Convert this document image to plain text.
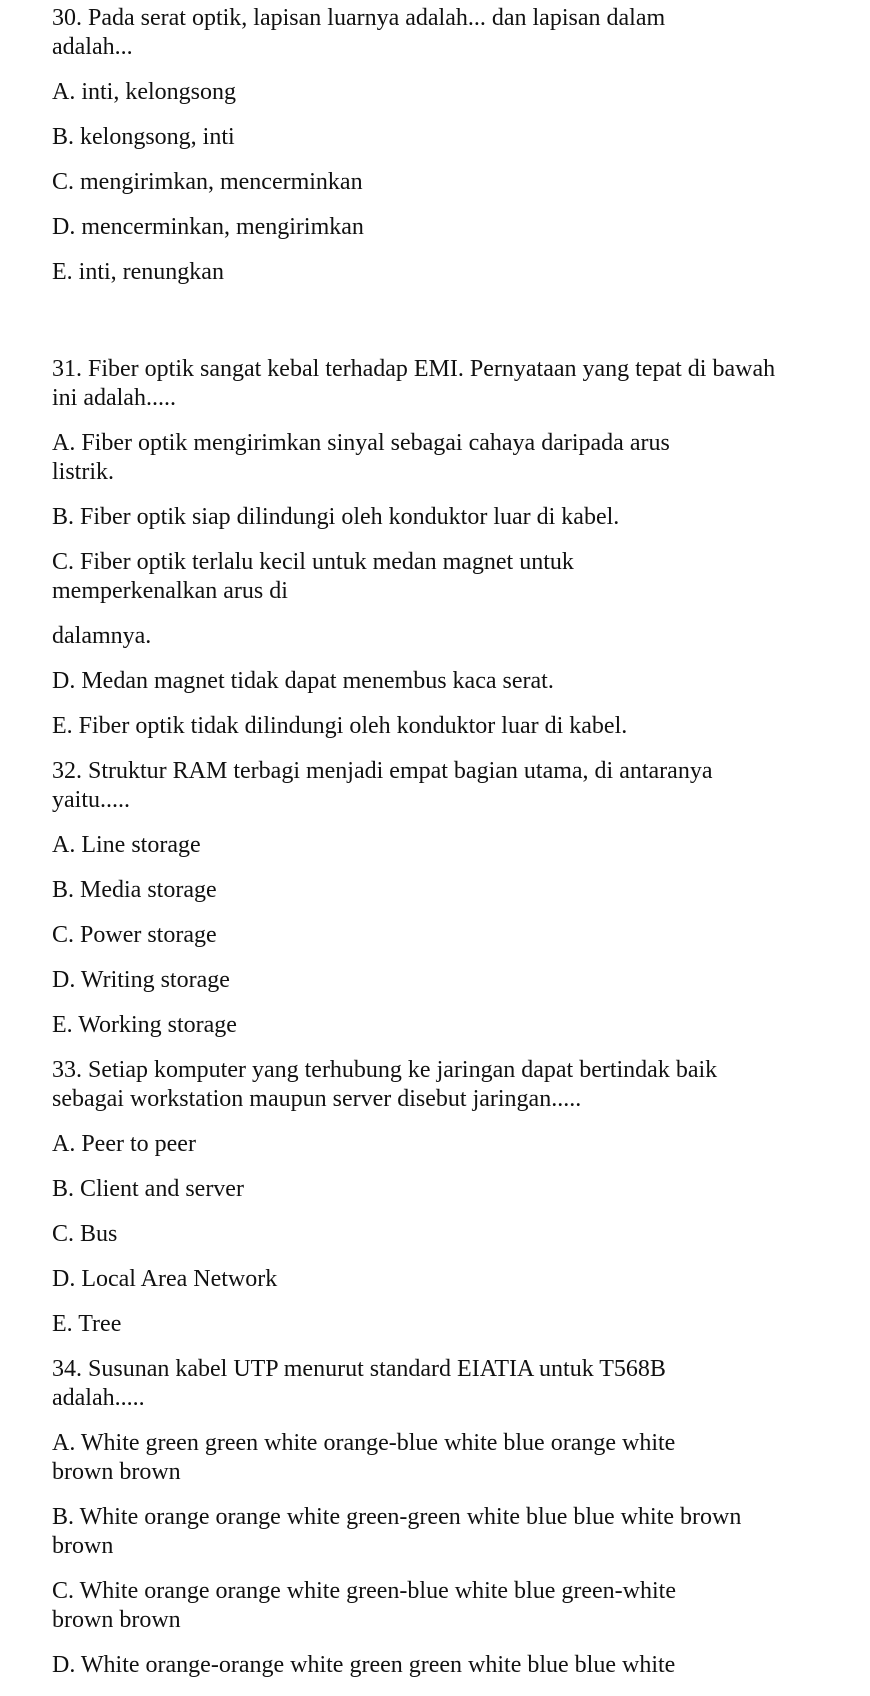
30. Pada serat optik, lapisan luarnya adalah... dan lapisan dalam adalah...

A. inti, kelongsong

B. kelongsong, inti

C. mengirimkan, mencerminkan

D. mencerminkan, mengirimkan

E. inti, renungkan

31. Fiber optik sangat kebal terhadap EMI. Pernyataan yang tepat di bawah ini adalah.....

A. Fiber optik mengirimkan sinyal sebagai cahaya daripada arus listrik.

B. Fiber optik siap dilindungi oleh konduktor luar di kabel.

C. Fiber optik terlalu kecil untuk medan magnet untuk memperkenalkan arus di

dalamnya.

D. Medan magnet tidak dapat menembus kaca serat.

E. Fiber optik tidak dilindungi oleh konduktor luar di kabel.

32. Struktur RAM terbagi menjadi empat bagian utama, di antaranya yaitu.....

A. Line storage

B. Media storage

C. Power storage

D. Writing storage

E. Working storage

33. Setiap komputer yang terhubung ke jaringan dapat bertindak baik sebagai workstation maupun server disebut jaringan.....

A. Peer to peer

B. Client and server

C. Bus

D. Local Area Network

E. Tree

34. Susunan kabel UTP menurut standard EIATIA untuk T568B adalah.....

A. White green green white orange-blue white blue orange white brown brown

B. White orange orange white green-green white blue blue white brown brown

C. White orange orange white green-blue white blue green-white brown brown

D. White orange-orange white green green white blue blue white
